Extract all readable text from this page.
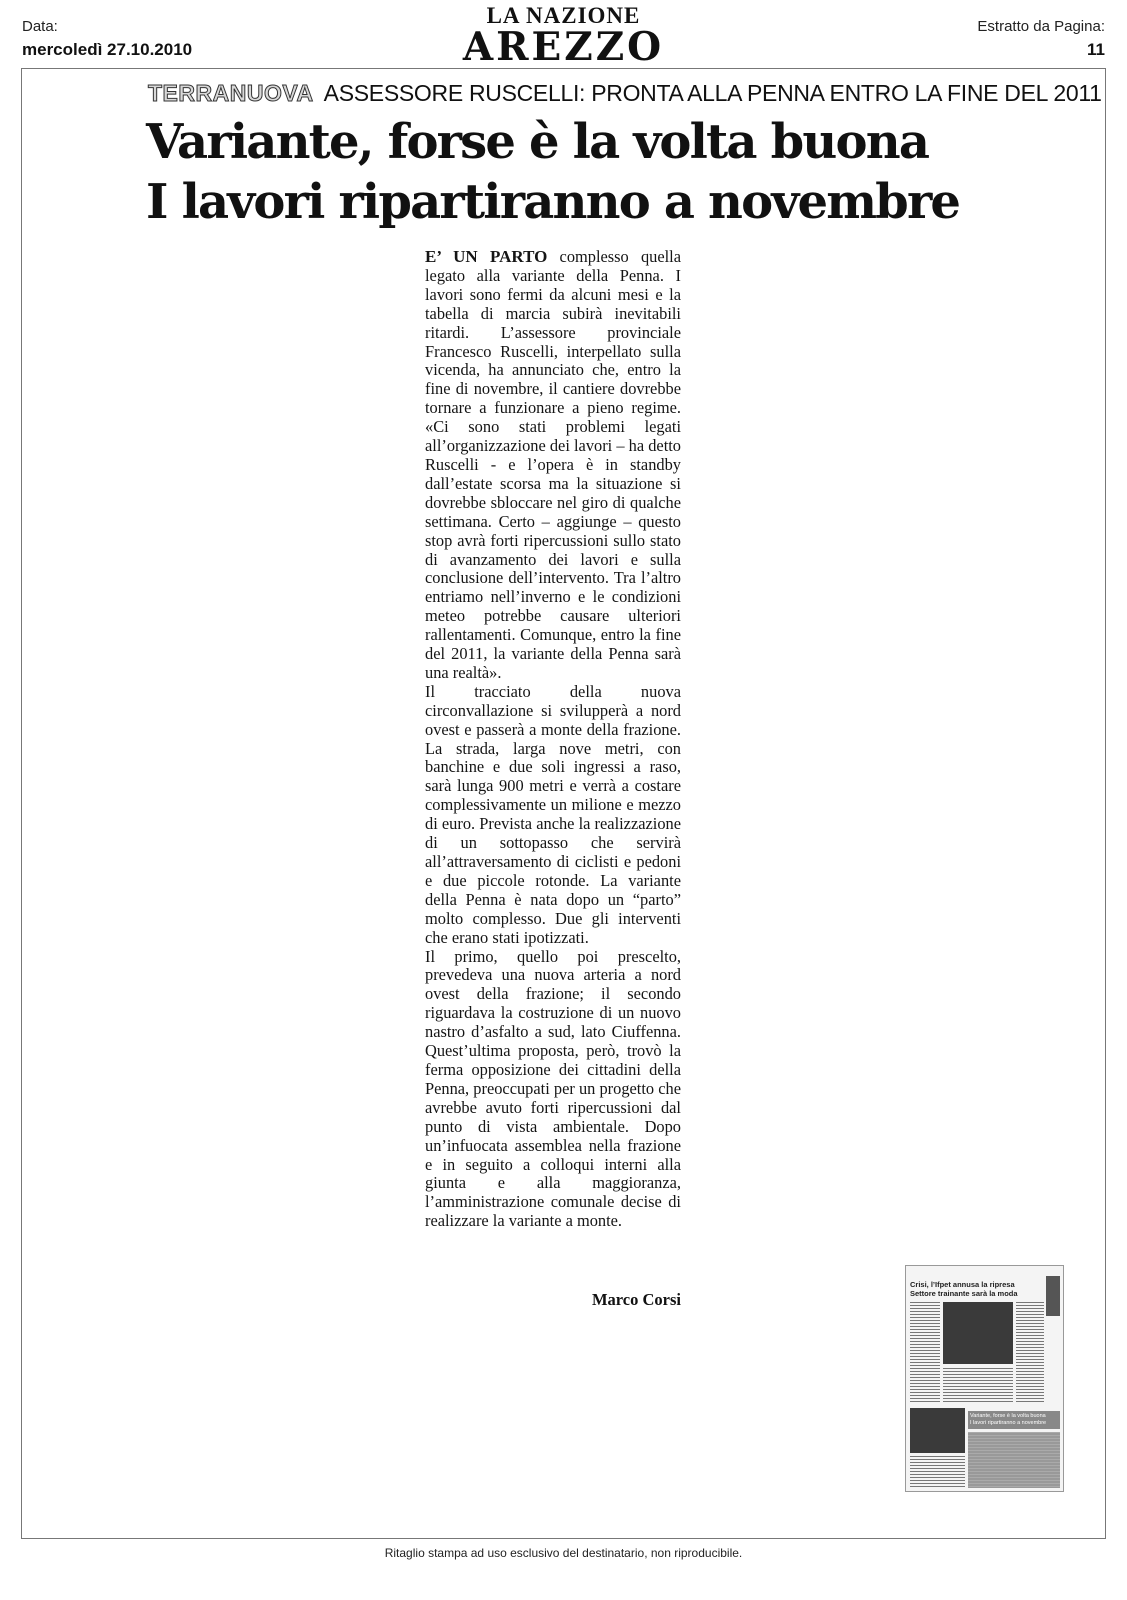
Data:
mercoledì 27.10.2010
LA NAZIONE
AREZZO	Estratto da Pagina:
11
TERRANUOVA ASSESSORE RUSCELLI: PRONTA ALLA PENNA ENTRO LA FINE DEL 2011
Variante, forse è la volta buona
I lavori ripartiranno a novembre

E’ UN PARTO complesso quella legato alla variante della Penna. I lavori sono fermi da alcuni mesi e la tabella di marcia subirà inevitabili ritardi. L’assessore provinciale Francesco Ruscelli, interpellato sulla vicenda, ha annunciato che, entro la fine di novembre, il cantiere dovrebbe tornare a funzionare a pieno regime. «Ci sono stati problemi legati all’organizzazione dei lavori – ha detto Ruscelli - e l’opera è in standby dall’estate scorsa ma la situazione si dovrebbe sbloccare nel giro di qualche settimana. Certo – aggiunge – questo stop avrà forti ripercussioni sullo stato di avanzamento dei lavori e sulla conclusione dell’intervento. Tra l’altro entriamo nell’inverno e le condizioni meteo potrebbe causare ulteriori rallentamenti. Comunque, entro la fine del 2011, la variante della Penna sarà una realtà».

Il tracciato della nuova circonvallazione si svilupperà a nord ovest e passerà a monte della frazione. La strada, larga nove metri, con banchine e due soli ingressi a raso, sarà lunga 900 metri e verrà a costare complessivamente un milione e mezzo di euro. Prevista anche la realizzazione di un sottopasso che servirà all’attraversamento di ciclisti e pedoni e due piccole rotonde. La variante della Penna è nata dopo un “parto” molto complesso. Due gli interventi che erano stati ipotizzati.

Il primo, quello poi prescelto, prevedeva una nuova arteria a nord ovest della frazione; il secondo riguardava la costruzione di un nuovo nastro d’asfalto a sud, lato Ciuffenna. Quest’ultima proposta, però, trovò la ferma opposizione dei cittadini della Penna, preoccupati per un progetto che avrebbe avuto forti ripercussioni dal punto di vista ambientale. Dopo un’infuocata assemblea nella frazione e in seguito a colloqui interni alla giunta e alla maggioranza, l’amministrazione comunale decise di realizzare la variante a monte.

Marco Corsi
Crisi, l’Ifpet annusa la ripresa
Settore trainante sarà la moda
Variante, forse è la volta buona
I lavori ripartiranno a novembre
Ritaglio stampa ad uso esclusivo del destinatario, non riproducibile.
